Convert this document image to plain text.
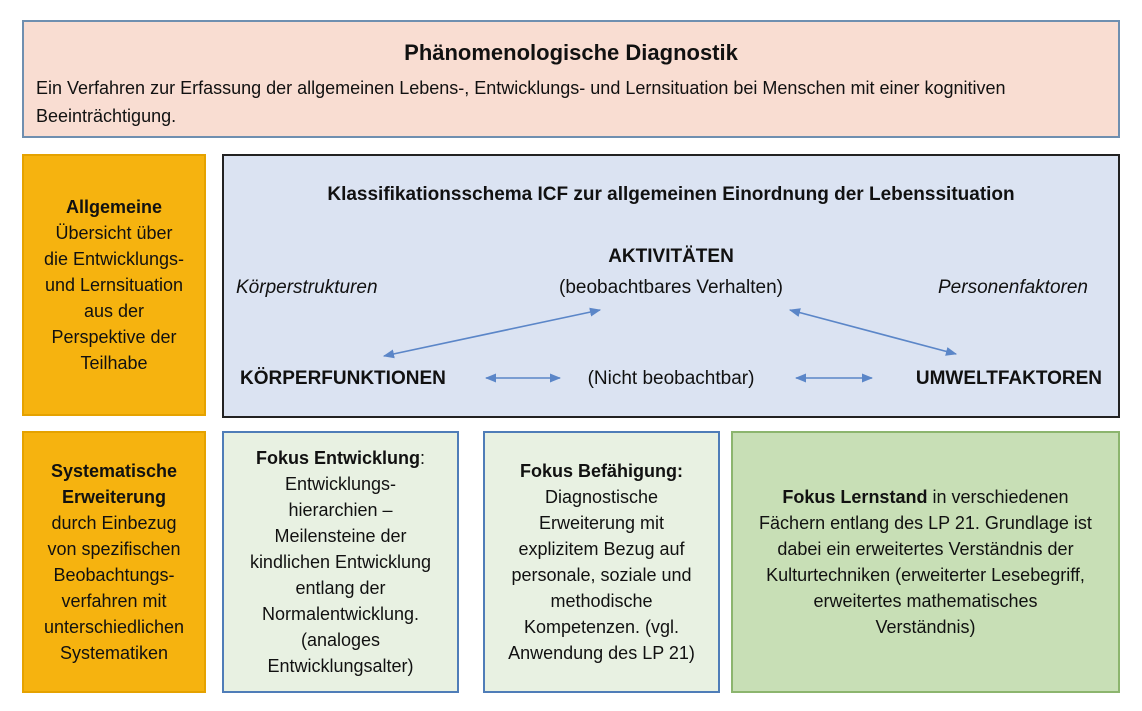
Phänomenologische Diagnostik
Ein Verfahren zur Erfassung der allgemeinen Lebens-, Entwicklungs- und Lernsituation bei Menschen mit einer kognitiven Beeinträchtigung.
Allgemeine
Übersicht über
die Entwicklungs-
und Lernsituation
aus der
Perspektive der
Teilhabe
Systematische
Erweiterung
durch Einbezug
von spezifischen
Beobachtungs-
verfahren mit
unterschiedlichen
Systematiken
Klassifikationsschema ICF zur allgemeinen Einordnung der Lebenssituation
AKTIVITÄTEN
(beobachtbares Verhalten)
Körperstrukturen	Personenfaktoren
KÖRPERFUNKTIONEN	(Nicht beobachtbar)	UMWELTFAKTOREN
Fokus Entwicklung:
Entwicklungs-
hierarchien –
Meilensteine der
kindlichen Entwicklung
entlang der
Normalentwicklung.
(analoges
Entwicklungsalter)
Fokus Befähigung:
Diagnostische
Erweiterung mit
explizitem Bezug auf
personale, soziale und
methodische
Kompetenzen. (vgl.
Anwendung des LP 21)
Fokus Lernstand in verschiedenen
Fächern entlang des LP 21. Grundlage ist
dabei ein erweitertes Verständnis der
Kulturtechniken (erweiterter Lesebegriff,
erweitertes mathematisches
Verständnis)
